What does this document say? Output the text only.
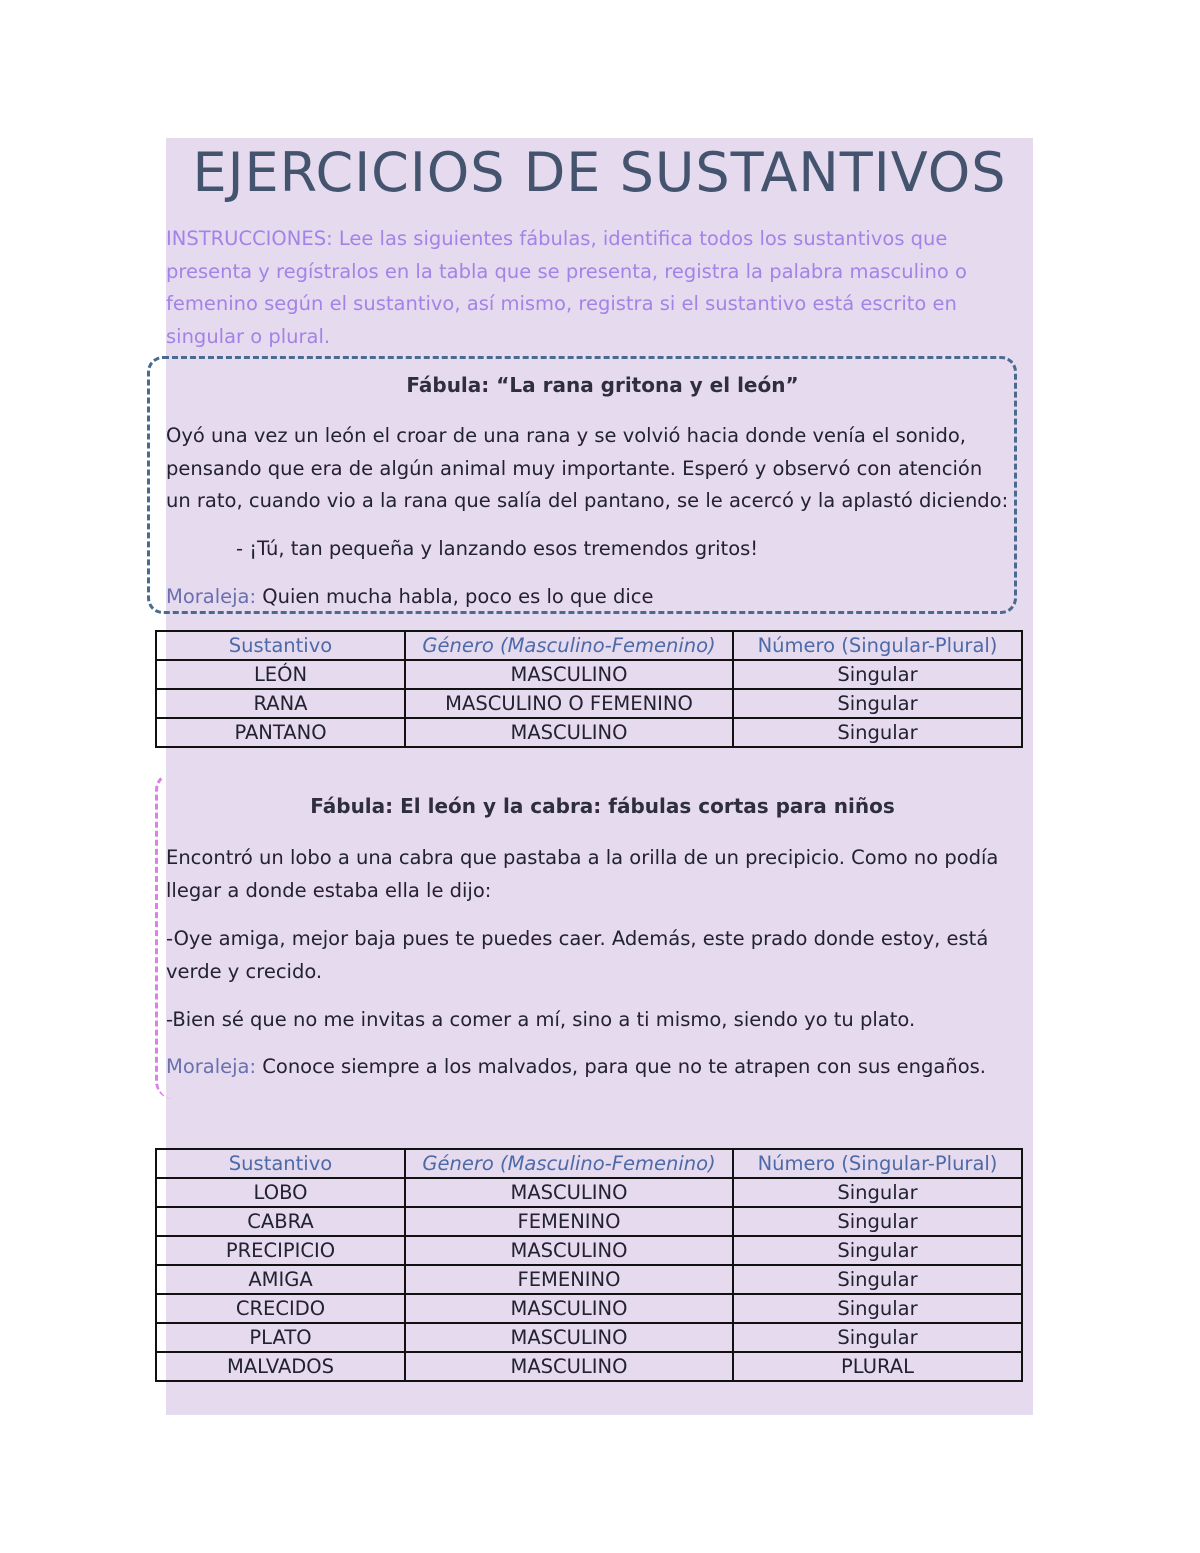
EJERCICIOS DE SUSTANTIVOS
INSTRUCCIONES: Lee las siguientes fábulas, identifica todos los sustantivos que presenta y regístralos en la tabla que se presenta, registra la palabra masculino o femenino según el sustantivo, así mismo, registra si el sustantivo está escrito en singular o plural.
Fábula: “La rana gritona y el león”
Oyó una vez un león el croar de una rana y se volvió hacia donde venía el sonido, pensando que era de algún animal muy importante. Esperó y observó con atención un rato, cuando vio a la rana que salía del pantano, se le acercó y la aplastó diciendo:
- ¡Tú, tan pequeña y lanzando esos tremendos gritos!
Moraleja: Quien mucha habla, poco es lo que dice
Sustantivo	Género (Masculino-Femenino)	Número (Singular-Plural)
LEÓN	MASCULINO	Singular
RANA	MASCULINO O FEMENINO	Singular
PANTANO	MASCULINO	Singular
Fábula: El león y la cabra: fábulas cortas para niños
Encontró un lobo a una cabra que pastaba a la orilla de un precipicio. Como no podía llegar a donde estaba ella le dijo:
-Oye amiga, mejor baja pues te puedes caer. Además, este prado donde estoy, está verde y crecido.
-Bien sé que no me invitas a comer a mí, sino a ti mismo, siendo yo tu plato.
Moraleja: Conoce siempre a los malvados, para que no te atrapen con sus engaños.
Sustantivo	Género (Masculino-Femenino)	Número (Singular-Plural)
LOBO	MASCULINO	Singular
CABRA	FEMENINO	Singular
PRECIPICIO	MASCULINO	Singular
AMIGA	FEMENINO	Singular
CRECIDO	MASCULINO	Singular
PLATO	MASCULINO	Singular
MALVADOS	MASCULINO	PLURAL
